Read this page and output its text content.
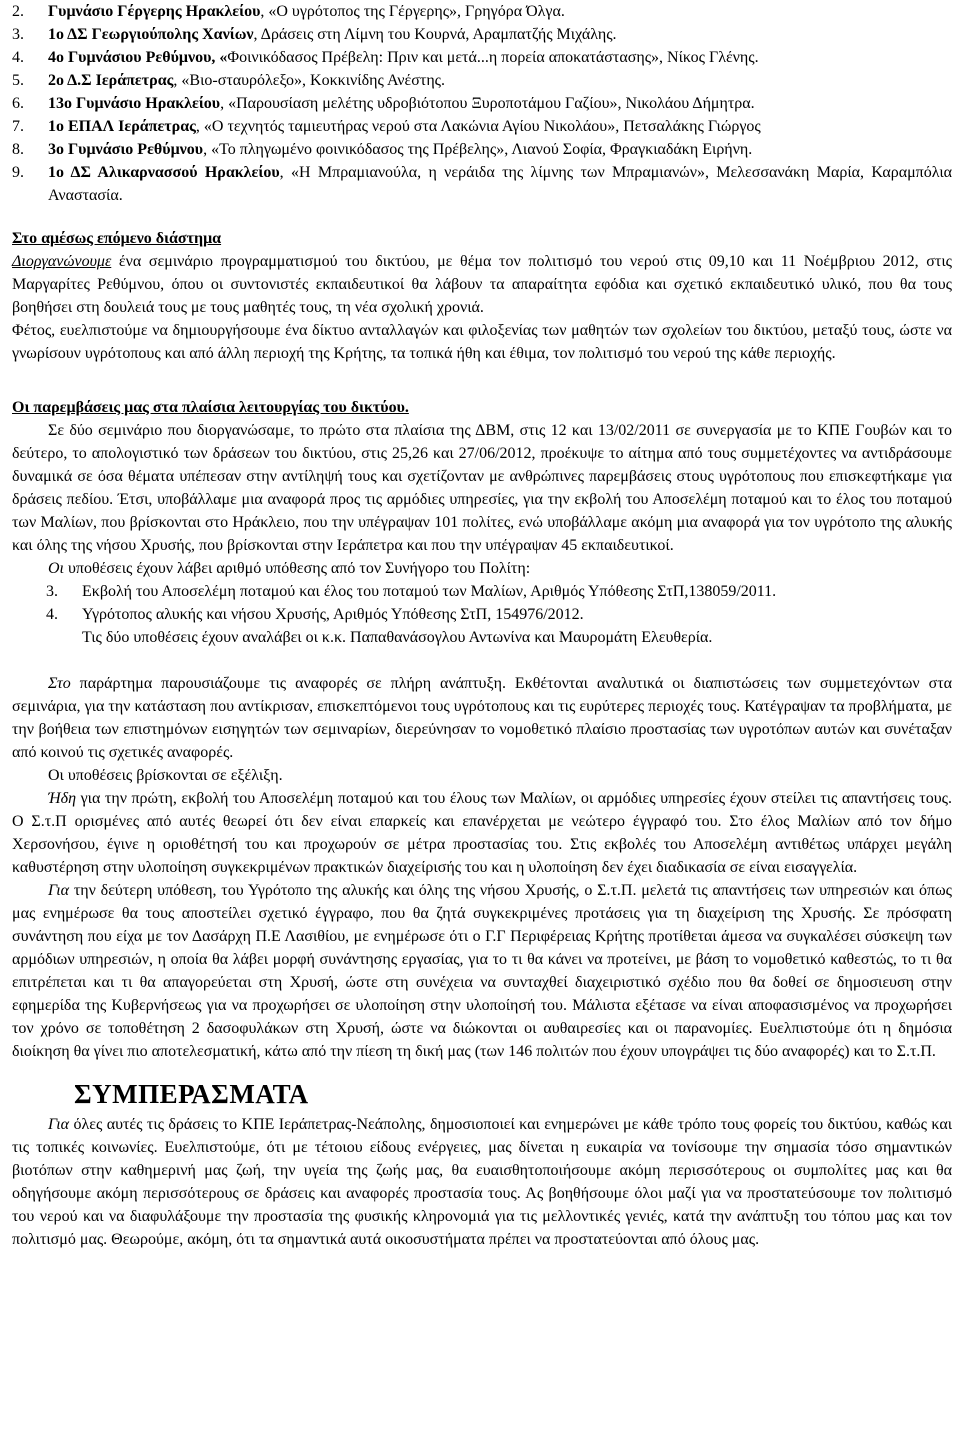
2.	Γυμνάσιο Γέργερης Ηρακλείου, «Ο υγρότοπος της Γέργερης», Γρηγόρα Όλγα.
3.	1ο ΔΣ Γεωργιούπολης Χανίων, Δράσεις στη Λίμνη του Κουρνά, Αραμπατζής Μιχάλης.
4.	4ο Γυμνάσιου Ρεθύμνου, «Φοινικόδασος Πρέβελη: Πριν και μετά...η πορεία αποκατάστασης», Νίκος Γλένης.
5.	2ο Δ.Σ Ιεράπετρας, «Βιο-σταυρόλεξο», Κοκκινίδης Ανέστης.
6.	13ο Γυμνάσιο Ηρακλείου, «Παρουσίαση μελέτης υδροβιότοπου Ξυροποτάμου Γαζίου», Νικολάου Δήμητρα.
7.	1ο ΕΠΑΛ Ιεράπετρας, «Ο τεχνητός ταμιευτήρας νερού στα Λακώνια Αγίου Νικολάου», Πετσαλάκης Γιώργος
8.	3ο Γυμνάσιο Ρεθύμνου, «Το πληγωμένο φοινικόδασος της Πρέβελης», Λιανού Σοφία, Φραγκιαδάκη Ειρήνη.
9.	1ο ΔΣ Αλικαρνασσού Ηρακλείου, «Η Μπραμιανούλα, η νεράιδα της λίμνης των Μπραμιανών», Μελεσσανάκη Μαρία, Καραμπόλια Αναστασία.

Στο αμέσως επόμενο διάστημα

Διοργανώνουμε ένα σεμινάριο προγραμματισμού του δικτύου, με θέμα τον πολιτισμό του νερού στις 09,10 και 11 Νοέμβριου 2012, στις Μαργαρίτες Ρεθύμνου, όπου οι συντονιστές εκπαιδευτικοί θα λάβουν τα απαραίτητα εφόδια και σχετικό εκπαιδευτικό υλικό, που θα τους βοηθήσει στη δουλειά τους με τους μαθητές τους, τη νέα σχολική χρονιά.

Φέτος, ευελπιστούμε να δημιουργήσουμε ένα δίκτυο ανταλλαγών και φιλοξενίας των μαθητών των σχολείων του δικτύου, μεταξύ τους, ώστε να γνωρίσουν υγρότοπους και από άλλη περιοχή της Κρήτης, τα τοπικά ήθη και έθιμα, τον πολιτισμό του νερού της κάθε περιοχής.

Οι παρεμβάσεις μας στα πλαίσια λειτουργίας του δικτύου.

Σε δύο σεμινάριο που διοργανώσαμε, το πρώτο στα πλαίσια της ΔΒΜ, στις 12 και 13/02/2011 σε συνεργασία με το ΚΠΕ Γουβών και το δεύτερο, το απολογιστικό των δράσεων του δικτύου, στις 25,26 και 27/06/2012, προέκυψε το αίτημα από τους συμμετέχοντες να αντιδράσουμε δυναμικά σε όσα θέματα υπέπεσαν στην αντίληψή τους και σχετίζονταν με ανθρώπινες παρεμβάσεις στους υγρότοπους που επισκεφτήκαμε για δράσεις πεδίου. Έτσι, υποβάλλαμε μια αναφορά προς τις αρμόδιες υπηρεσίες, για την εκβολή του Αποσελέμη ποταμού και το έλος του ποταμού των Μαλίων, που βρίσκονται στο Ηράκλειο, που την υπέγραψαν 101 πολίτες, ενώ υποβάλλαμε ακόμη μια αναφορά για τον υγρότοπο της αλυκής και όλης της νήσου Χρυσής, που βρίσκονται στην Ιεράπετρα και που την υπέγραψαν 45 εκπαιδευτικοί.

Οι υποθέσεις έχουν λάβει αριθμό υπόθεσης από τον Συνήγορο του Πολίτη:

3.	Εκβολή του Αποσελέμη ποταμού και έλος του ποταμού των Μαλίων, Αριθμός Υπόθεσης ΣτΠ,138059/2011.
4.	Υγρότοπος αλυκής και νήσου Χρυσής, Αριθμός Υπόθεσης ΣτΠ, 154976/2012.

Τις δύο υποθέσεις έχουν αναλάβει οι κ.κ. Παπαθανάσογλου Αντωνίνα και Μαυρομάτη Ελευθερία.

Στο παράρτημα παρουσιάζουμε τις αναφορές σε πλήρη ανάπτυξη. Εκθέτονται αναλυτικά οι διαπιστώσεις των συμμετεχόντων στα σεμινάρια, για την κατάσταση που αντίκρισαν, επισκεπτόμενοι τους υγρότοπους και τις ευρύτερες περιοχές τους. Κατέγραψαν τα προβλήματα, με την βοήθεια των επιστημόνων εισηγητών των σεμιναρίων, διερεύνησαν το νομοθετικό πλαίσιο προστασίας των υγροτόπων αυτών και συνέταξαν από κοινού τις σχετικές αναφορές.

Οι υποθέσεις βρίσκονται σε εξέλιξη.

Ήδη για την πρώτη, εκβολή του Αποσελέμη ποταμού και του έλους των Μαλίων, οι αρμόδιες υπηρεσίες έχουν στείλει τις απαντήσεις τους. Ο Σ.τ.Π ορισμένες από αυτές θεωρεί ότι δεν είναι επαρκείς και επανέρχεται με νεώτερο έγγραφό του. Στο έλος Μαλίων από τον δήμο Χερσονήσου, έγινε η οριοθέτησή του και προχωρούν σε μέτρα προστασίας του. Στις εκβολές του Αποσελέμη αντιθέτως υπάρχει μεγάλη καθυστέρηση στην υλοποίηση συγκεκριμένων πρακτικών διαχείρισής του και η υλοποίηση δεν έχει διαδικασία σε είναι εισαγγελία.

Για την δεύτερη υπόθεση, του Υγρότοπο της αλυκής και όλης της νήσου Χρυσής, ο Σ.τ.Π. μελετά τις απαντήσεις των υπηρεσιών και όπως μας ενημέρωσε θα τους αποστείλει σχετικό έγγραφο, που θα ζητά συγκεκριμένες προτάσεις για τη διαχείριση της Χρυσής. Σε πρόσφατη συνάντηση που είχα με τον Δασάρχη Π.Ε Λασιθίου, με ενημέρωσε ότι ο Γ.Γ Περιφέρειας Κρήτης προτίθεται άμεσα να συγκαλέσει σύσκεψη των αρμόδιων υπηρεσιών, η οποία θα λάβει μορφή συνάντησης εργασίας, για το τι θα κάνει να προτείνει, με βάση το νομοθετικό καθεστώς, το τι θα επιτρέπεται και τι θα απαγορεύεται στη Χρυσή, ώστε στη συνέχεια να συνταχθεί διαχειριστικό σχέδιο που θα δοθεί σε δημοσιευση στην εφημερίδα της Κυβερνήσεως για να προχωρήσει σε υλοποίηση στην υλοποίησή του. Μάλιστα εξέτασε να είναι αποφασισμένος να προχωρήσει τον χρόνο σε τοποθέτηση 2 δασοφυλάκων στη Χρυσή, ώστε να διώκονται οι αυθαιρεσίες και οι παρανομίες. Ευελπιστούμε ότι η δημόσια διοίκηση θα γίνει πιο αποτελεσματική, κάτω από την πίεση τη δική μας (των 146 πολιτών που έχουν υπογράψει τις δύο αναφορές) και το Σ.τ.Π.

ΣΥΜΠΕΡΑΣΜΑΤΑ

Για όλες αυτές τις δράσεις το ΚΠΕ Ιεράπετρας-Νεάπολης, δημοσιοποιεί και ενημερώνει με κάθε τρόπο τους φορείς του δικτύου, καθώς και τις τοπικές κοινωνίες. Ευελπιστούμε, ότι με τέτοιου είδους ενέργειες, μας δίνεται η ευκαιρία να τονίσουμε την σημασία τόσο σημαντικών βιοτόπων στην καθημερινή μας ζωή, την υγεία της ζωής μας, θα ευαισθητοποιήσουμε ακόμη περισσότερους οι συμπολίτες μας και θα οδηγήσουμε ακόμη περισσότερους σε δράσεις και αναφορές προστασία τους. Ας βοηθήσουμε όλοι μαζί για να προστατεύσουμε τον πολιτισμό του νερού και να διαφυλάξουμε την προστασία της φυσικής κληρονομιά για τις μελλοντικές γενιές, κατά την ανάπτυξη του τόπου μας και τον πολιτισμό μας. Θεωρούμε, ακόμη, ότι τα σημαντικά αυτά οικοσυστήματα πρέπει να προστατεύονται από όλους μας.
